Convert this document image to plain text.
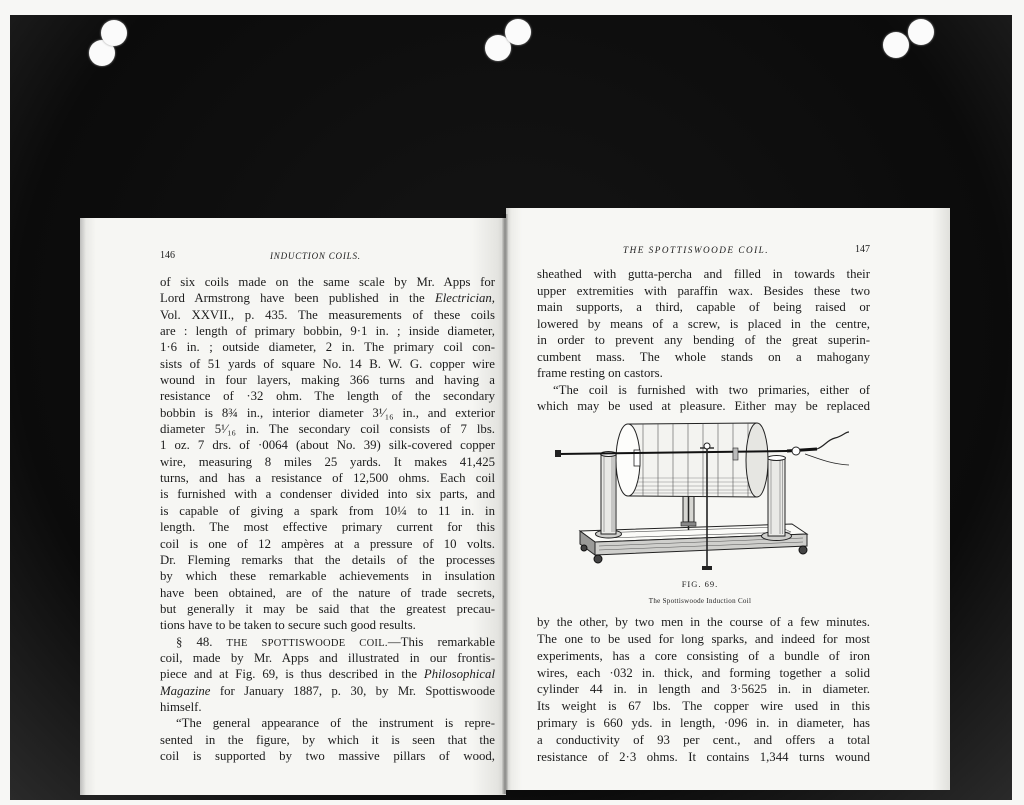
146	INDUCTION COILS.
of six coils made on the same scale by Mr. Apps for
Lord Armstrong have been published in the Electrician,
Vol. XXVII., p. 435. The measurements of these coils
are : length of primary bobbin, 9·1 in. ; inside diameter,
1·6 in. ; outside diameter, 2 in. The primary coil con-
sists of 51 yards of square No. 14 B. W. G. copper wire
wound in four layers, making 366 turns and having a
resistance of ·32 ohm. The length of the secondary
bobbin is 8¾ in., interior diameter 3¹⁄₁₆ in., and exterior
diameter 5¹⁄₁₆ in. The secondary coil consists of 7 lbs.
1 oz. 7 drs. of ·0064 (about No. 39) silk-covered copper
wire, measuring 8 miles 25 yards. It makes 41,425
turns, and has a resistance of 12,500 ohms. Each coil
is furnished with a condenser divided into six parts, and
is capable of giving a spark from 10¼ to 11 in. in
length. The most effective primary current for this
coil is one of 12 ampères at a pressure of 10 volts.
Dr. Fleming remarks that the details of the processes
by which these remarkable achievements in insulation
have been obtained, are of the nature of trade secrets,
but generally it may be said that the greatest precau-
tions have to be taken to secure such good results.
§ 48. THE SPOTTISWOODE COIL.—This remarkable
coil, made by Mr. Apps and illustrated in our frontis-
piece and at Fig. 69, is thus described in the Philosophical
Magazine for January 1887, p. 30, by Mr. Spottiswoode
himself.
“The general appearance of the instrument is repre-
sented in the figure, by which it is seen that the
coil is supported by two massive pillars of wood,
THE SPOTTISWOODE COIL.	147
sheathed with gutta-percha and filled in towards their
upper extremities with paraffin wax. Besides these two
main supports, a third, capable of being raised or
lowered by means of a screw, is placed in the centre,
in order to prevent any bending of the great superin-
cumbent mass. The whole stands on a mahogany
frame resting on castors.
“The coil is furnished with two primaries, either of
which may be used at pleasure. Either may be replaced
FIG. 69.
The Spottiswoode Induction Coil
by the other, by two men in the course of a few minutes.
The one to be used for long sparks, and indeed for most
experiments, has a core consisting of a bundle of iron
wires, each ·032 in. thick, and forming together a solid
cylinder 44 in. in length and 3·5625 in. in diameter.
Its weight is 67 lbs. The copper wire used in this
primary is 660 yds. in length, ·096 in. in diameter, has
a conductivity of 93 per cent., and offers a total
resistance of 2·3 ohms. It contains 1,344 turns wound
